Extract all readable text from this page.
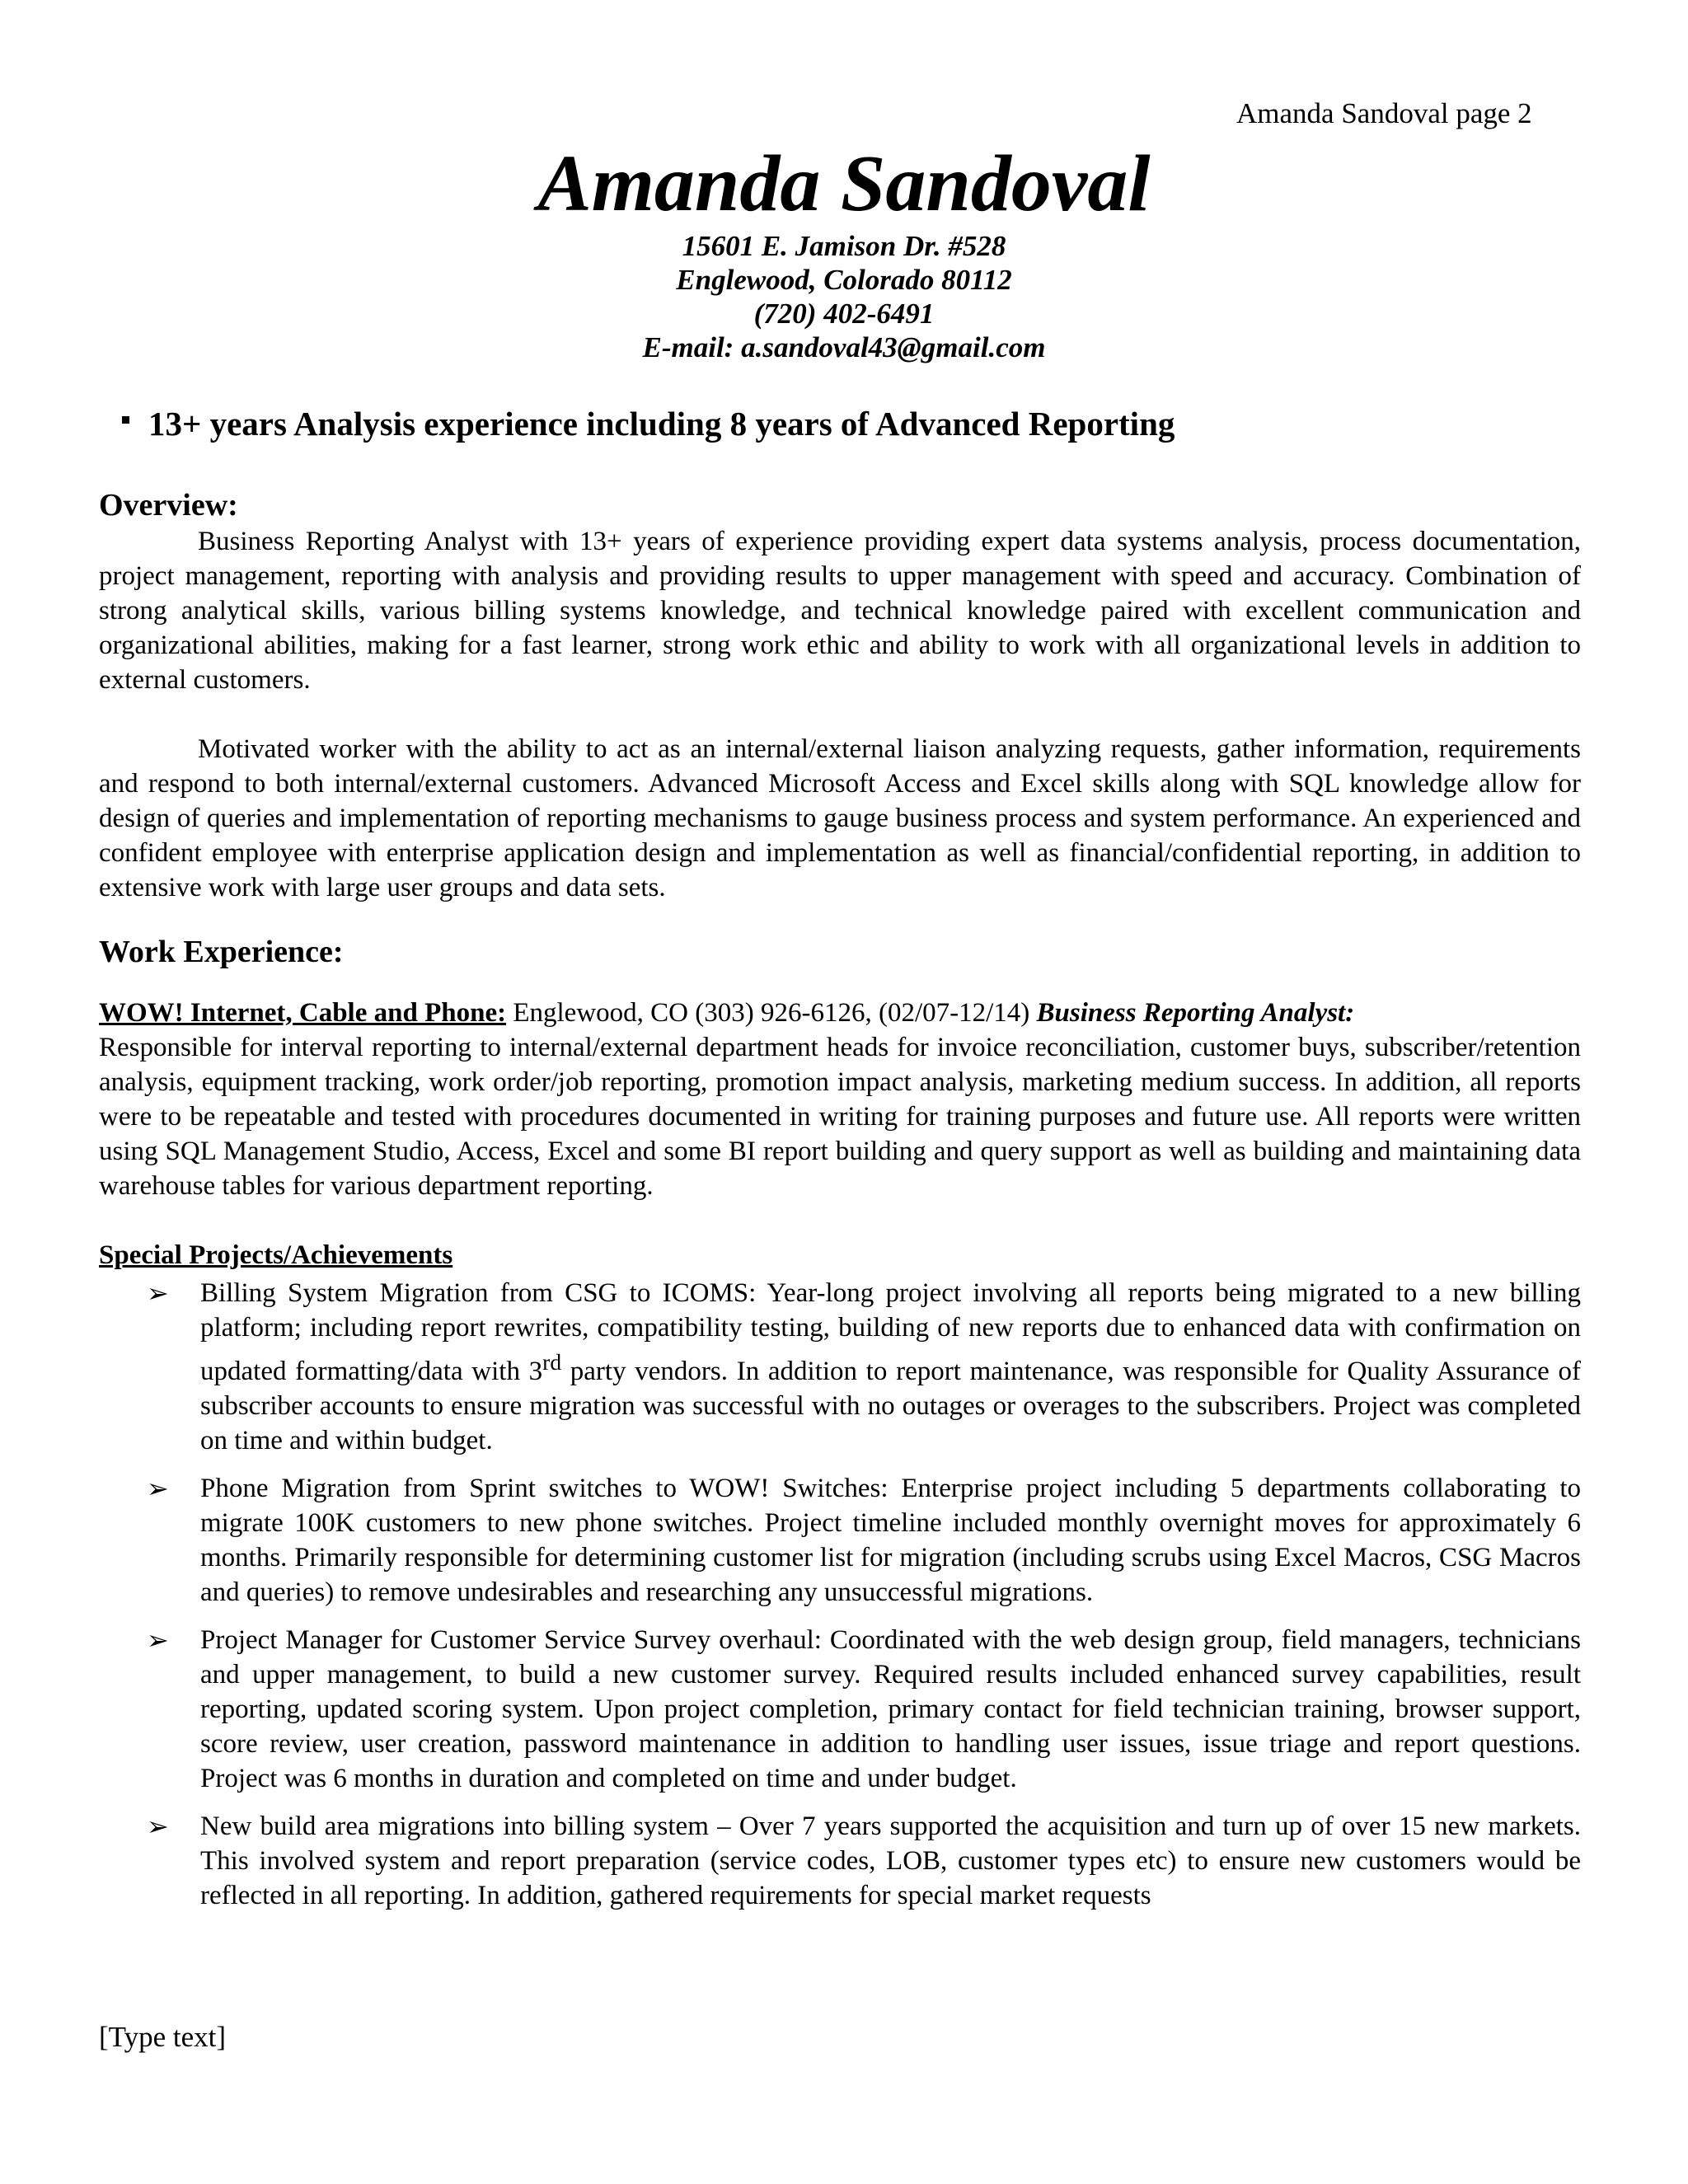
Amanda Sandoval page 2
Amanda Sandoval
15601 E. Jamison Dr. #528
Englewood, Colorado 80112
(720) 402-6491
E-mail: a.sandoval43@gmail.com
13+ years Analysis experience including 8 years of Advanced Reporting
Overview:

Business Reporting Analyst with 13+ years of experience providing expert data systems analysis, process documentation, project management, reporting with analysis and providing results to upper management with speed and accuracy. Combination of strong analytical skills, various billing systems knowledge, and technical knowledge paired with excellent communication and organizational abilities, making for a fast learner, strong work ethic and ability to work with all organizational levels in addition to external customers.

Motivated worker with the ability to act as an internal/external liaison analyzing requests, gather information, requirements and respond to both internal/external customers. Advanced Microsoft Access and Excel skills along with SQL knowledge allow for design of queries and implementation of reporting mechanisms to gauge business process and system performance. An experienced and confident employee with enterprise application design and implementation as well as financial/confidential reporting, in addition to extensive work with large user groups and data sets.

Work Experience:

WOW! Internet, Cable and Phone: Englewood, CO (303) 926-6126, (02/07-12/14) Business Reporting Analyst:

Responsible for interval reporting to internal/external department heads for invoice reconciliation, customer buys, subscriber/retention analysis, equipment tracking, work order/job reporting, promotion impact analysis, marketing medium success. In addition, all reports were to be repeatable and tested with procedures documented in writing for training purposes and future use. All reports were written using SQL Management Studio, Access, Excel and some BI report building and query support as well as building and maintaining data warehouse tables for various department reporting.

Special Projects/Achievements
➢ Billing System Migration from CSG to ICOMS: Year-long project involving all reports being migrated to a new billing platform; including report rewrites, compatibility testing, building of new reports due to enhanced data with confirmation on updated formatting/data with 3rd party vendors. In addition to report maintenance, was responsible for Quality Assurance of subscriber accounts to ensure migration was successful with no outages or overages to the subscribers. Project was completed on time and within budget.
➢ Phone Migration from Sprint switches to WOW! Switches: Enterprise project including 5 departments collaborating to migrate 100K customers to new phone switches. Project timeline included monthly overnight moves for approximately 6 months. Primarily responsible for determining customer list for migration (including scrubs using Excel Macros, CSG Macros and queries) to remove undesirables and researching any unsuccessful migrations.
➢ Project Manager for Customer Service Survey overhaul: Coordinated with the web design group, field managers, technicians and upper management, to build a new customer survey. Required results included enhanced survey capabilities, result reporting, updated scoring system. Upon project completion, primary contact for field technician training, browser support, score review, user creation, password maintenance in addition to handling user issues, issue triage and report questions. Project was 6 months in duration and completed on time and under budget.
➢ New build area migrations into billing system – Over 7 years supported the acquisition and turn up of over 15 new markets. This involved system and report preparation (service codes, LOB, customer types etc) to ensure new customers would be reflected in all reporting. In addition, gathered requirements for special market requests
[Type text]
